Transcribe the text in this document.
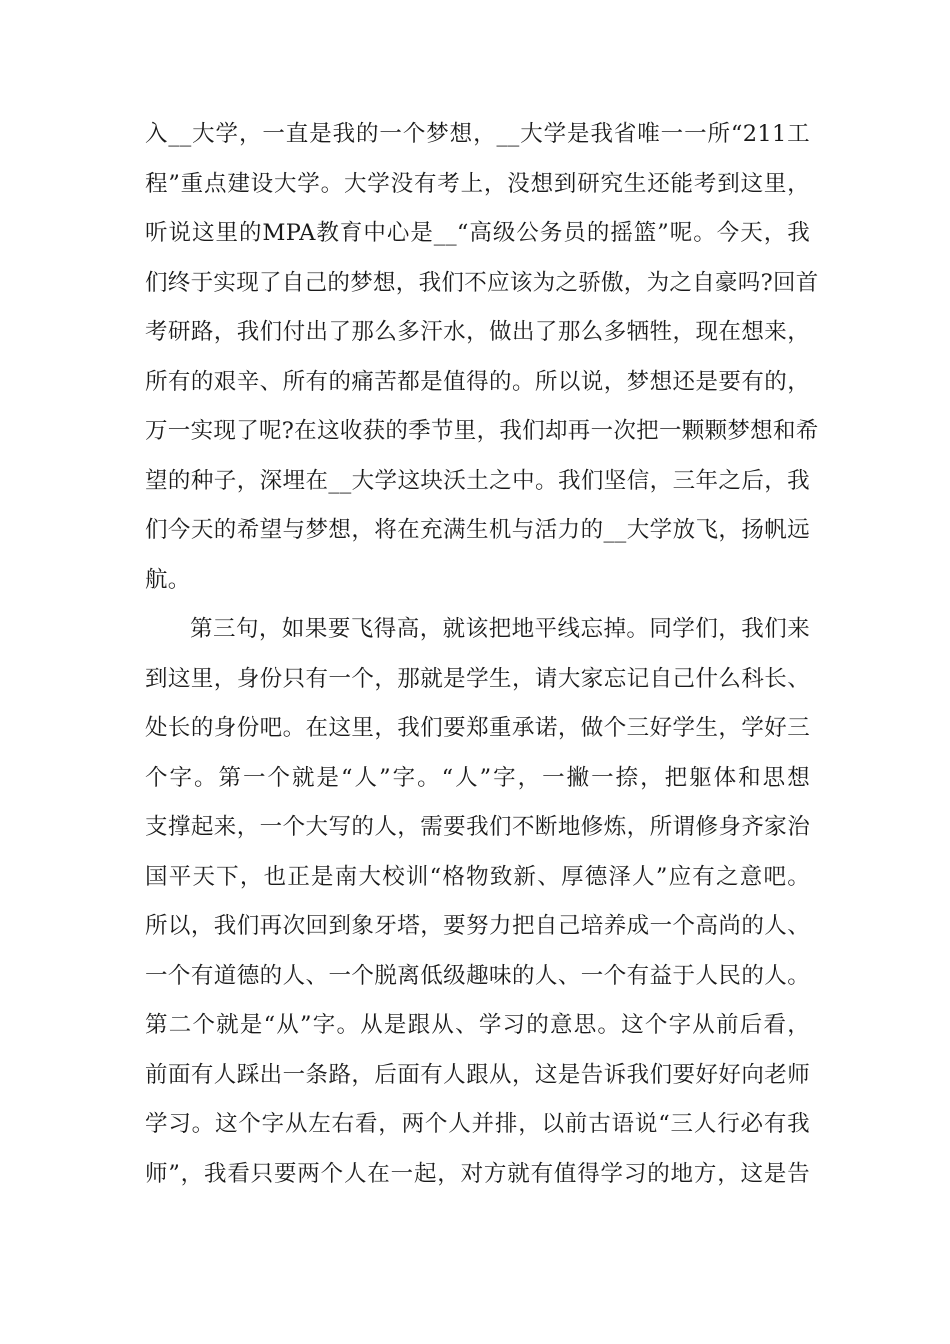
入__大学，一直是我的一个梦想，__大学是我省唯一一所“211工
程”重点建设大学。大学没有考上，没想到研究生还能考到这里，
听说这里的MPA教育中心是__“高级公务员的摇篮”呢。今天，我
们终于实现了自己的梦想，我们不应该为之骄傲，为之自豪吗?回首
考研路，我们付出了那么多汗水，做出了那么多牺牲，现在想来，
所有的艰辛、所有的痛苦都是值得的。所以说，梦想还是要有的，
万一实现了呢?在这收获的季节里，我们却再一次把一颗颗梦想和希
望的种子，深埋在__大学这块沃土之中。我们坚信，三年之后，我
们今天的希望与梦想，将在充满生机与活力的__大学放飞，扬帆远
航。
第三句，如果要飞得高，就该把地平线忘掉。同学们，我们来
到这里，身份只有一个，那就是学生，请大家忘记自己什么科长、
处长的身份吧。在这里，我们要郑重承诺，做个三好学生，学好三
个字。第一个就是“人”字。“人”字，一撇一捺，把躯体和思想
支撑起来，一个大写的人，需要我们不断地修炼，所谓修身齐家治
国平天下，也正是南大校训“格物致新、厚德泽人”应有之意吧。
所以，我们再次回到象牙塔，要努力把自己培养成一个高尚的人、
一个有道德的人、一个脱离低级趣味的人、一个有益于人民的人。
第二个就是“从”字。从是跟从、学习的意思。这个字从前后看，
前面有人踩出一条路，后面有人跟从，这是告诉我们要好好向老师
学习。这个字从左右看，两个人并排，以前古语说“三人行必有我
师”，我看只要两个人在一起，对方就有值得学习的地方，这是告
